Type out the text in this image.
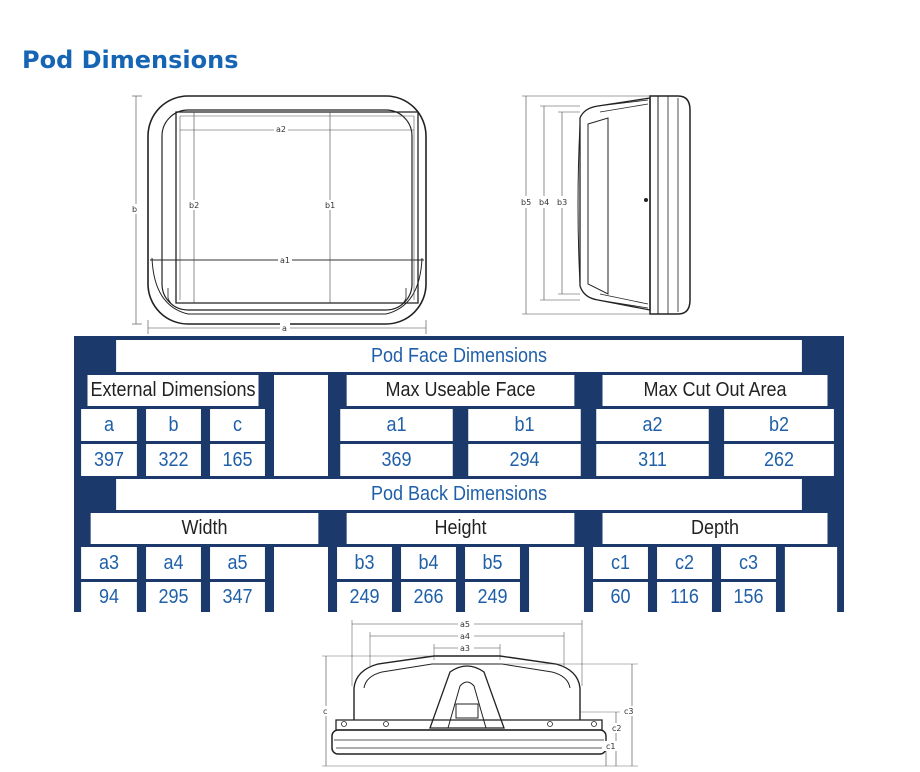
Pod Dimensions
a2
a1
b2	b1
b
a
b5 b4 b3
Pod Face Dimensions
External Dimensions	Max Useable Face	Max Cut Out Area
a	b	c	a1	b1	a2	b2
397	322	165	369	294	311	262
Pod Back Dimensions
Width	Height	Depth
a3	a4	a5	b3	b4	b5	c1	c2	c3
94	295	347	249	266	249	60	116	156
a5
a4
a3
c	c3
c2
c1
